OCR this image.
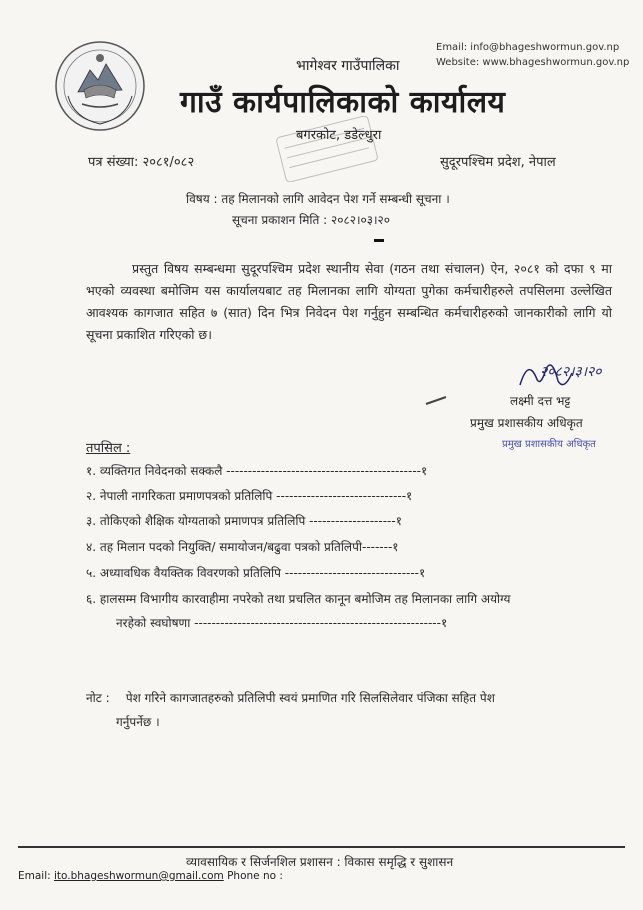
Email: info@bhageshwormun.gov.np
Website: www.bhageshwormun.gov.np
भागेश्वर गाउँपालिका
गाउँ कार्यपालिकाको कार्यालय
बगरकोट, डडेल्धुरा
पत्र संख्या: २०८१/०८२	सुदूरपश्चिम प्रदेश, नेपाल
विषय : तह मिलानको लागि आवेदन पेश गर्ने सम्बन्धी सूचना ।
सूचना प्रकाशन मिति : २०८२।०३।२०
प्रस्तुत विषय सम्बन्धमा सुदूरपश्चिम प्रदेश स्थानीय सेवा (गठन तथा संचालन) ऐन, २०८१ को दफा ९ मा भएको व्यवस्था बमोजिम यस कार्यालयबाट तह मिलानका लागि योग्यता पुगेका कर्मचारीहरुले तपसिलमा उल्लेखित आवश्यक कागजात सहित ७ (सात) दिन भित्र निवेदन पेश गर्नुहुन सम्बन्धित कर्मचारीहरुको जानकारीको लागि यो सूचना प्रकाशित गरिएको छ।
२०८२।३।२०
लक्ष्मी दत्त भट्ट
प्रमुख प्रशासकीय अधिकृत
प्रमुख प्रशासकीय अधिकृत
तपसिल :
१. व्यक्तिगत निवेदनको सक्कलै ---------------------------------------------१
२. नेपाली नागरिकता प्रमाणपत्रको प्रतिलिपि ------------------------------१
३. तोकिएको शैक्षिक योग्यताको प्रमाणपत्र प्रतिलिपि --------------------१
४. तह मिलान पदको नियुक्ति/ समायोजन/बढुवा पत्रको प्रतिलिपी-------१
५. अध्यावधिक वैयक्तिक विवरणको प्रतिलिपि -------------------------------१
६. हालसम्म विभागीय कारवाहीमा नपरेको तथा प्रचलित कानून बमोजिम तह मिलानका लागि अयोग्य
नरहेको स्वघोषणा ---------------------------------------------------------१
नोट : पेश गरिने कागजातहरुको प्रतिलिपी स्वयं प्रमाणित गरि सिलसिलेवार पंजिका सहित पेश
गर्नुपर्नेछ ।
व्यावसायिक र सिर्जनशिल प्रशासन : विकास समृद्धि र सुशासन
Email: ito.bhageshwormun@gmail.com Phone no :
